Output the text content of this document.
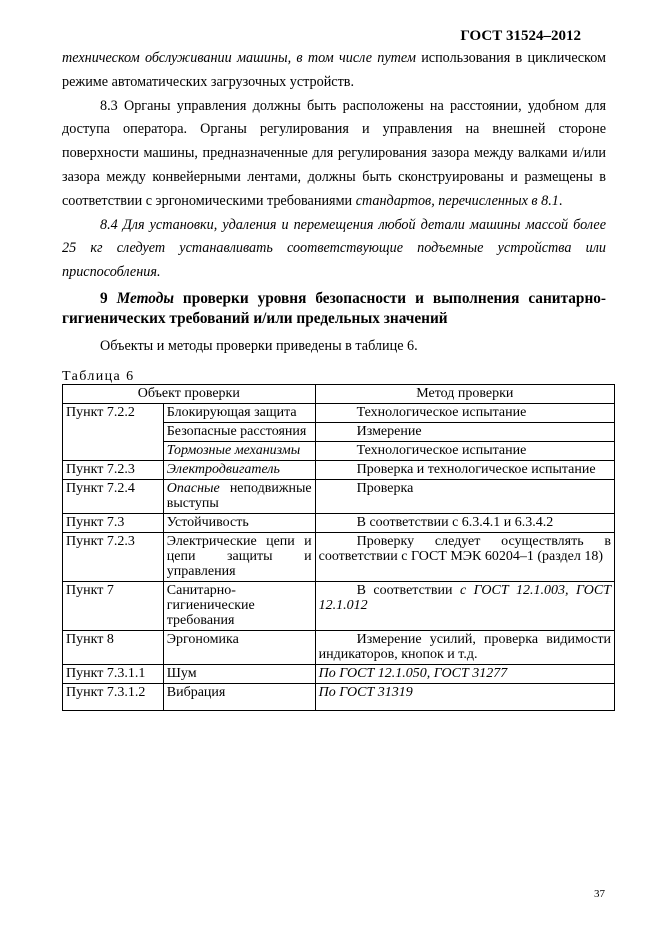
ГОСТ 31524–2012

техническом обслуживании машины, в том числе путем использования в цикличеcком режиме автоматических загрузочных устройств.

8.3 Органы управления должны быть расположены на расстоянии, удобном для доступа оператора. Органы регулирования и управления на внешней стороне поверхности машины, предназначенные для регулирования зазора между валками и/или зазора между конвейерными лентами, должны быть сконструированы и размещены в соответствии с эргономическими требованиями стандартов, перечисленных в 8.1.

8.4 Для установки, удаления и перемещения любой детали машины массой более 25 кг следует устанавливать соответствующие подъемные устройства или приспособления.

9 Методы проверки уровня безопасности и выполнения санитарно- гигиенических требований и/или предельных значений

Объекты и методы проверки приведены в таблице 6.

Таблица 6

Объект проверки		Метод проверки
Пункт 7.2.2	Блокирующая защита	Технологическое испытание
	Безопасные расстояния	Измерение
	Тормозные механизмы	Технологическое испытание
Пункт 7.2.3	Электродвигатель	Проверка и технологическое испытание
Пункт 7.2.4	Опасные неподвижные выступы	Проверка
Пункт 7.3	Устойчивость	В соответствии с 6.3.4.1 и 6.3.4.2
Пункт 7.2.3	Электрические цепи и цепи защиты и управления	Проверку следует осуществлять в соответствии с ГОСТ МЭК 60204–1 (раздел 18)
Пункт 7	Санитарно-гигиенические требования	В соответствии с ГОСТ 12.1.003, ГОСТ 12.1.012
Пункт 8	Эргономика	Измерение усилий, проверка видимости индикаторов, кнопок и т.д.
Пункт 7.3.1.1	Шум	По ГОСТ 12.1.050, ГОСТ 31277
Пункт 7.3.1.2	Вибрация	По ГОСТ 31319
37
